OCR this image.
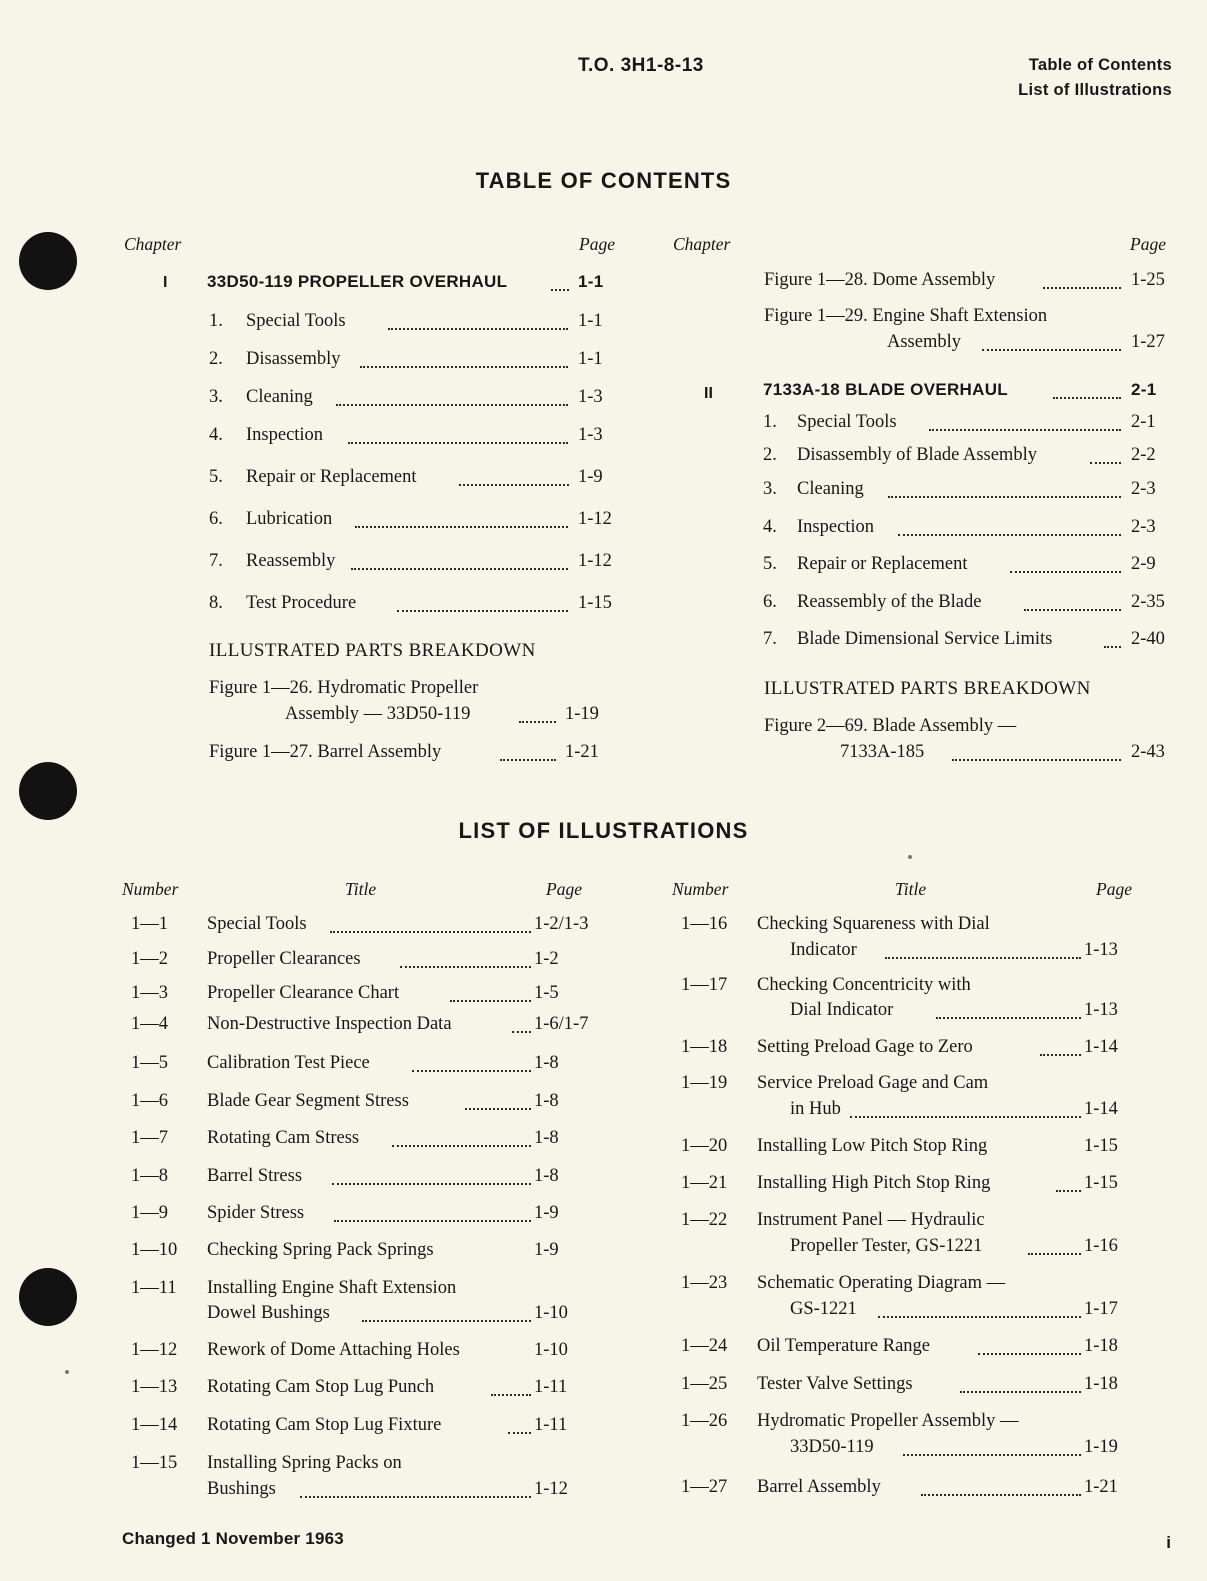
T.O. 3H1-8-13	Table of Contents
List of Illustrations
TABLE OF CONTENTS
Chapter	Page	Chapter	Page
I 33D50-119 PROPELLER OVERHAUL	1-1
1. Special Tools	1-1
2. Disassembly	1-1
3. Cleaning	1-3
4. Inspection	1-3
5. Repair or Replacement	1-9
6. Lubrication	1-12
7. Reassembly	1-12
8. Test Procedure	1-15
ILLUSTRATED PARTS BREAKDOWN
Figure 1—26. Hydromatic Propeller
Assembly — 33D50-119	1-19
Figure 1—27. Barrel Assembly	1-21
Figure 1—28. Dome Assembly	1-25
Figure 1—29. Engine Shaft Extension
Assembly	1-27
II	7133A-18 BLADE OVERHAUL	2-1
1. Special Tools	2-1
2. Disassembly of Blade Assembly	2-2
3. Cleaning	2-3
4. Inspection	2-3
5. Repair or Replacement	2-9
6. Reassembly of the Blade	2-35
7. Blade Dimensional Service Limits	2-40
ILLUSTRATED PARTS BREAKDOWN
Figure 2—69. Blade Assembly —
7133A-185	2-43
LIST OF ILLUSTRATIONS
Number	Title	Page	Number	Title	Page
1—1 Special Tools	1-2/1-3
1—2 Propeller Clearances	1-2
1—3 Propeller Clearance Chart	1-5
1—4 Non-Destructive Inspection Data	1-6/1-7
1—5 Calibration Test Piece	1-8
1—6 Blade Gear Segment Stress	1-8
1—7 Rotating Cam Stress	1-8
1—8 Barrel Stress	1-8
1—9 Spider Stress	1-9
1—10 Checking Spring Pack Springs	1-9
1—11 Installing Engine Shaft Extension
Dowel Bushings	1-10
1—12 Rework of Dome Attaching Holes	1-10
1—13 Rotating Cam Stop Lug Punch	1-11
1—14 Rotating Cam Stop Lug Fixture	1-11
1—15 Installing Spring Packs on
Bushings	1-12
1—16 Checking Squareness with Dial
Indicator	1-13
1—17 Checking Concentricity with
Dial Indicator	1-13
1—18 Setting Preload Gage to Zero	1-14
1—19 Service Preload Gage and Cam
in Hub	1-14
1—20 Installing Low Pitch Stop Ring	1-15
1—21 Installing High Pitch Stop Ring	1-15
1—22 Instrument Panel — Hydraulic
Propeller Tester, GS-1221	1-16
1—23 Schematic Operating Diagram —
GS-1221	1-17
1—24 Oil Temperature Range	1-18
1—25 Tester Valve Settings	1-18
1—26 Hydromatic Propeller Assembly —
33D50-119	1-19
1—27 Barrel Assembly	1-21
Changed 1 November 1963	i
